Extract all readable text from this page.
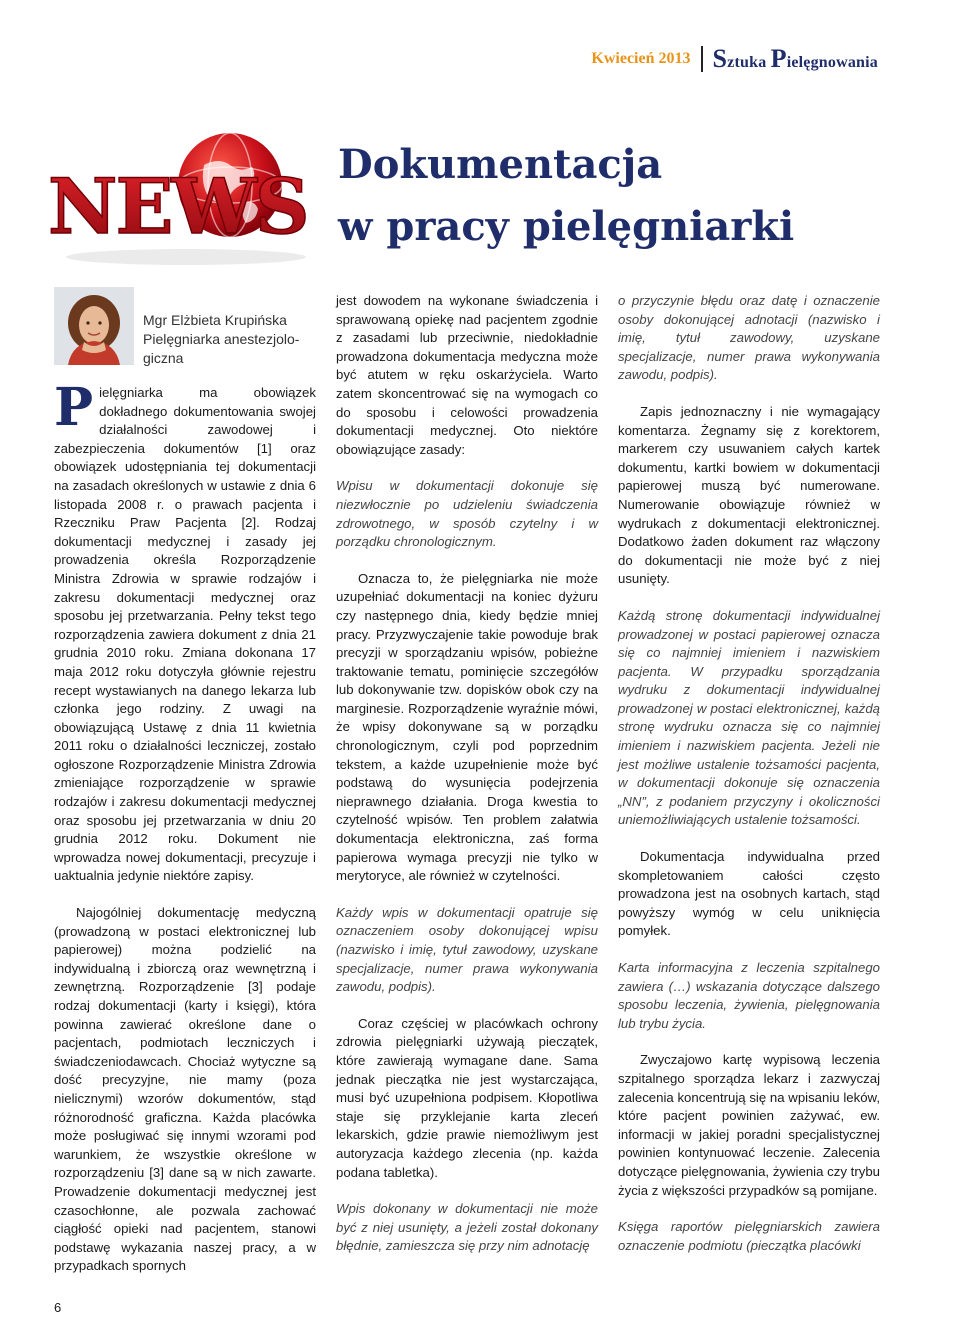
Kwiecień 2013 Sztuka Pielęgnowania
NEWS Dokumentacja
w pracy pielęgniarki
Mgr Elżbieta Krupińska
Pielęgniarka anestezjolo-giczna

Pielęgniarka ma obowiązek dokładnego dokumentowania swojej działalności zawodowej i zabezpieczenia dokumentów [1] oraz obowiązek udostępniania tej dokumentacji na zasadach określonych w ustawie z dnia 6 listopada 2008 r. o prawach pacjenta i Rzeczniku Praw Pacjenta [2]. Rodzaj dokumentacji medycznej i zasady jej prowadzenia określa Rozporządzenie Ministra Zdrowia w sprawie rodzajów i zakresu dokumentacji medycznej oraz sposobu jej przetwarzania. Pełny tekst tego rozporządzenia zawiera dokument z dnia 21 grudnia 2010 roku. Zmiana dokonana 17 maja 2012 roku dotyczyła głównie rejestru recept wystawianych na danego lekarza lub członka jego rodziny. Z uwagi na obowiązującą Ustawę z dnia 11 kwietnia 2011 roku o działalności leczniczej, zostało ogłoszone Rozporządzenie Ministra Zdrowia zmieniające rozporządzenie w sprawie rodzajów i zakresu dokumentacji medycznej oraz sposobu jej przetwarzania w dniu 20 grudnia 2012 roku. Dokument nie wprowadza nowej dokumentacji, precyzuje i uaktualnia jedynie niektóre zapisy.

Najogólniej dokumentację medyczną (prowadzoną w postaci elektronicznej lub papierowej) można podzielić na indywidualną i zbiorczą oraz wewnętrzną i zewnętrzną. Rozporządzenie [3] podaje rodzaj dokumentacji (karty i księgi), która powinna zawierać określone dane o pacjentach, podmiotach leczniczych i świadczeniodawcach. Chociaż wytyczne są dość precyzyjne, nie mamy (poza nielicznymi) wzorów dokumentów, stąd różnorodność graficzna. Każda placówka może posługiwać się innymi wzorami pod warunkiem, że wszystkie określone w rozporządzeniu [3] dane są w nich zawarte. Prowadzenie dokumentacji medycznej jest czasochłonne, ale pozwala zachować ciągłość opieki nad pacjentem, stanowi podstawę wykazania naszej pracy, a w przypadkach spornych

jest dowodem na wykonane świadczenia i sprawowaną opiekę nad pacjentem zgodnie z zasadami lub przeciwnie, niedokładnie prowadzona dokumentacja medyczna może być atutem w ręku oskarżyciela. Warto zatem skoncentrować się na wymogach co do sposobu i celowości prowadzenia dokumentacji medycznej. Oto niektóre obowiązujące zasady:

Wpisu w dokumentacji dokonuje się niezwłocznie po udzieleniu świadczenia zdrowotnego, w sposób czytelny i w porządku chronologicznym.

Oznacza to, że pielęgniarka nie może uzupełniać dokumentacji na koniec dyżuru czy następnego dnia, kiedy będzie mniej pracy. Przyzwyczajenie takie powoduje brak precyzji w sporządzaniu wpisów, pobieżne traktowanie tematu, pominięcie szczegółów lub dokonywanie tzw. dopisków obok czy na marginesie. Rozporządzenie wyraźnie mówi, że wpisy dokonywane są w porządku chronologicznym, czyli pod poprzednim tekstem, a każde uzupełnienie może być podstawą do wysunięcia podejrzenia nieprawnego działania. Droga kwestia to czytelność wpisów. Ten problem załatwia dokumentacja elektroniczna, zaś forma papierowa wymaga precyzji nie tylko w merytoryce, ale również w czytelności.

Każdy wpis w dokumentacji opatruje się oznaczeniem osoby dokonującej wpisu (nazwisko i imię, tytuł zawodowy, uzyskane specjalizacje, numer prawa wykonywania zawodu, podpis).

Coraz częściej w placówkach ochrony zdrowia pielęgniarki używają pieczątek, które zawierają wymagane dane. Sama jednak pieczątka nie jest wystarczająca, musi być uzupełniona podpisem. Kłopotliwa staje się przyklejanie karta zleceń lekarskich, gdzie prawie niemożliwym jest autoryzacja każdego zlecenia (np. każda podana tabletka).

Wpis dokonany w dokumentacji nie może być z niej usunięty, a jeżeli został dokonany błędnie, zamieszcza się przy nim adnotację

o przyczynie błędu oraz datę i oznaczenie osoby dokonującej adnotacji (nazwisko i imię, tytuł zawodowy, uzyskane specjalizacje, numer prawa wykonywania zawodu, podpis).

Zapis jednoznaczny i nie wymagający komentarza. Żegnamy się z korektorem, markerem czy usuwaniem całych kartek dokumentu, kartki bowiem w dokumentacji papierowej muszą być numerowane. Numerowanie obowiązuje również w wydrukach z dokumentacji elektronicznej. Dodatkowo żaden dokument raz włączony do dokumentacji nie może być z niej usunięty.

Każdą stronę dokumentacji indywidualnej prowadzonej w postaci papierowej oznacza się co najmniej imieniem i nazwiskiem pacjenta. W przypadku sporządzania wydruku z dokumentacji indywidualnej prowadzonej w postaci elektronicznej, każdą stronę wydruku oznacza się co najmniej imieniem i nazwiskiem pacjenta. Jeżeli nie jest możliwe ustalenie tożsamości pacjenta, w dokumentacji dokonuje się oznaczenia „NN”, z podaniem przyczyny i okoliczności uniemożliwiających ustalenie tożsamości.

Dokumentacja indywidualna przed skompletowaniem całości często prowadzona jest na osobnych kartach, stąd powyższy wymóg w celu uniknięcia pomyłek.

Karta informacyjna z leczenia szpitalnego zawiera (…) wskazania dotyczące dalszego sposobu leczenia, żywienia, pielęgnowania lub trybu życia.

Zwyczajowo kartę wypisową leczenia szpitalnego sporządza lekarz i zazwyczaj zalecenia koncentrują się na wpisaniu leków, które pacjent powinien zażywać, ew. informacji w jakiej poradni specjalistycznej powinien kontynuować leczenie. Zalecenia dotyczące pielęgnowania, żywienia czy trybu życia z większości przypadków są pomijane.

Księga raportów pielęgniarskich zawiera oznaczenie podmiotu (pieczątka placówki

6
